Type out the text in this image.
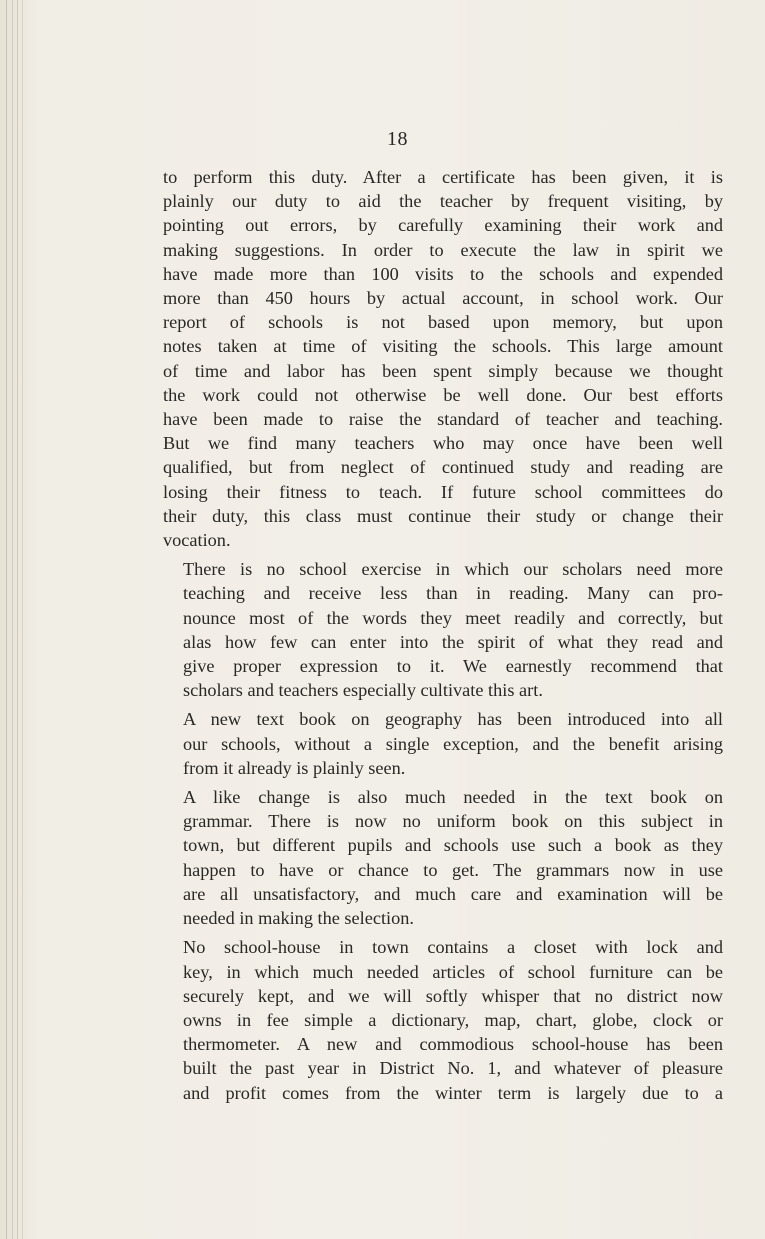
18

to perform this duty. After a certificate has been given, it is
plainly our duty to aid the teacher by frequent visiting, by
pointing out errors, by carefully examining their work and
making suggestions. In order to execute the law in spirit we
have made more than 100 visits to the schools and expended
more than 450 hours by actual account, in school work. Our
report of schools is not based upon memory, but upon
notes taken at time of visiting the schools. This large amount
of time and labor has been spent simply because we thought
the work could not otherwise be well done. Our best efforts
have been made to raise the standard of teacher and teaching.
But we find many teachers who may once have been well
qualified, but from neglect of continued study and reading are
losing their fitness to teach. If future school committees do
their duty, this class must continue their study or change their
vocation.

There is no school exercise in which our scholars need more
teaching and receive less than in reading. Many can pro-
nounce most of the words they meet readily and correctly, but
alas how few can enter into the spirit of what they read and
give proper expression to it. We earnestly recommend that
scholars and teachers especially cultivate this art.

A new text book on geography has been introduced into all
our schools, without a single exception, and the benefit arising
from it already is plainly seen.

A like change is also much needed in the text book on
grammar. There is now no uniform book on this subject in
town, but different pupils and schools use such a book as they
happen to have or chance to get. The grammars now in use
are all unsatisfactory, and much care and examination will be
needed in making the selection.

No school-house in town contains a closet with lock and
key, in which much needed articles of school furniture can be
securely kept, and we will softly whisper that no district now
owns in fee simple a dictionary, map, chart, globe, clock or
thermometer. A new and commodious school-house has been
built the past year in District No. 1, and whatever of pleasure
and profit comes from the winter term is largely due to a
